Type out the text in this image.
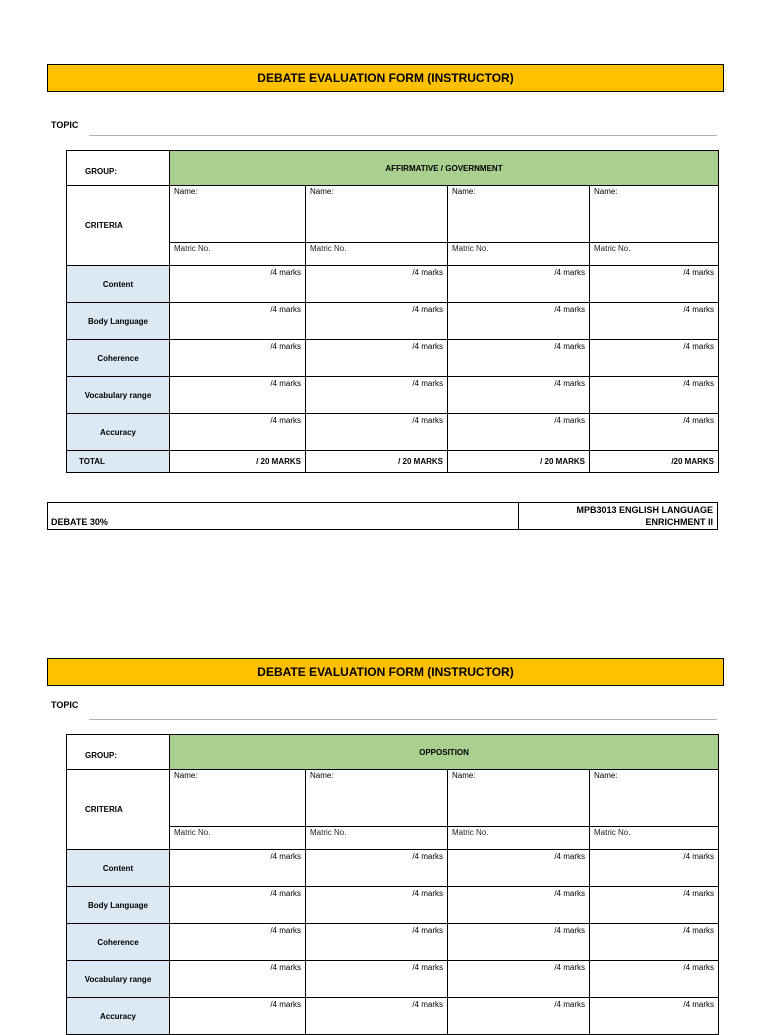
DEBATE EVALUATION FORM (INSTRUCTOR)
TOPIC
GROUP:	AFFIRMATIVE / GOVERNMENT			
CRITERIA	Name:	Name:	Name:	Name:
	Matric No.	Matric No.	Matric No.	Matric No.
Content	/4 marks	/4 marks	/4 marks	/4 marks
Body Language	/4 marks	/4 marks	/4 marks	/4 marks
Coherence	/4 marks	/4 marks	/4 marks	/4 marks
Vocabulary range	/4 marks	/4 marks	/4 marks	/4 marks
Accuracy	/4 marks	/4 marks	/4 marks	/4 marks
TOTAL	/ 20 MARKS	/ 20 MARKS	/ 20 MARKS	/20 MARKS
DEBATE 30%
MPB3013 ENGLISH LANGUAGE
ENRICHMENT II
DEBATE EVALUATION FORM (INSTRUCTOR)
TOPIC
GROUP:	OPPOSITION			
CRITERIA	Name:	Name:	Name:	Name:
	Matric No.	Matric No.	Matric No.	Matric No.
Content	/4 marks	/4 marks	/4 marks	/4 marks
Body Language	/4 marks	/4 marks	/4 marks	/4 marks
Coherence	/4 marks	/4 marks	/4 marks	/4 marks
Vocabulary range	/4 marks	/4 marks	/4 marks	/4 marks
Accuracy	/4 marks	/4 marks	/4 marks	/4 marks
